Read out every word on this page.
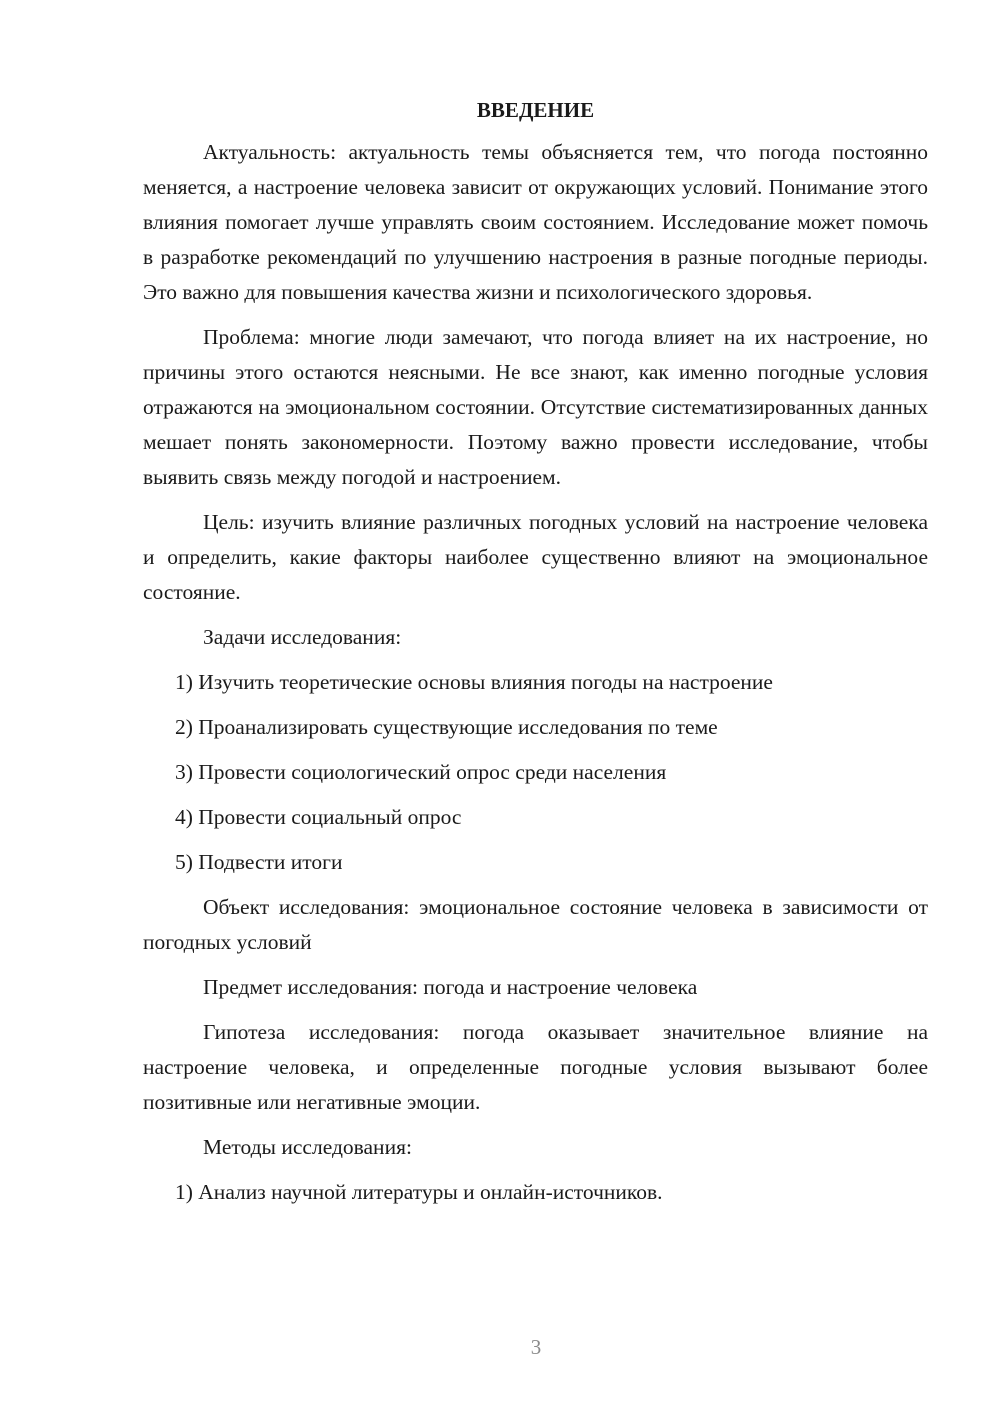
ВВЕДЕНИЕ

Актуальность: актуальность темы объясняется тем, что погода постоянно меняется, а настроение человека зависит от окружающих условий. Понимание этого влияния помогает лучше управлять своим состоянием. Исследование может помочь в разработке рекомендаций по улучшению настроения в разные погодные периоды. Это важно для повышения качества жизни и психологического здоровья.

Проблема: многие люди замечают, что погода влияет на их настроение, но причины этого остаются неясными. Не все знают, как именно погодные условия отражаются на эмоциональном состоянии. Отсутствие систематизированных данных мешает понять закономерности. Поэтому важно провести исследование, чтобы выявить связь между погодой и настроением.

Цель: изучить влияние различных погодных условий на настроение человека и определить, какие факторы наиболее существенно влияют на эмоциональное состояние.

Задачи исследования:

1) Изучить теоретические основы влияния погоды на настроение

2) Проанализировать существующие исследования по теме

3) Провести социологический опрос среди населения

4) Провести социальный опрос

5) Подвести итоги

Объект исследования: эмоциональное состояние человека в зависимости от погодных условий

Предмет исследования: погода и настроение человека

Гипотеза исследования: погода оказывает значительное влияние на настроение человека, и определенные погодные условия вызывают более позитивные или негативные эмоции.

Методы исследования:

1) Анализ научной литературы и онлайн-источников.

3
